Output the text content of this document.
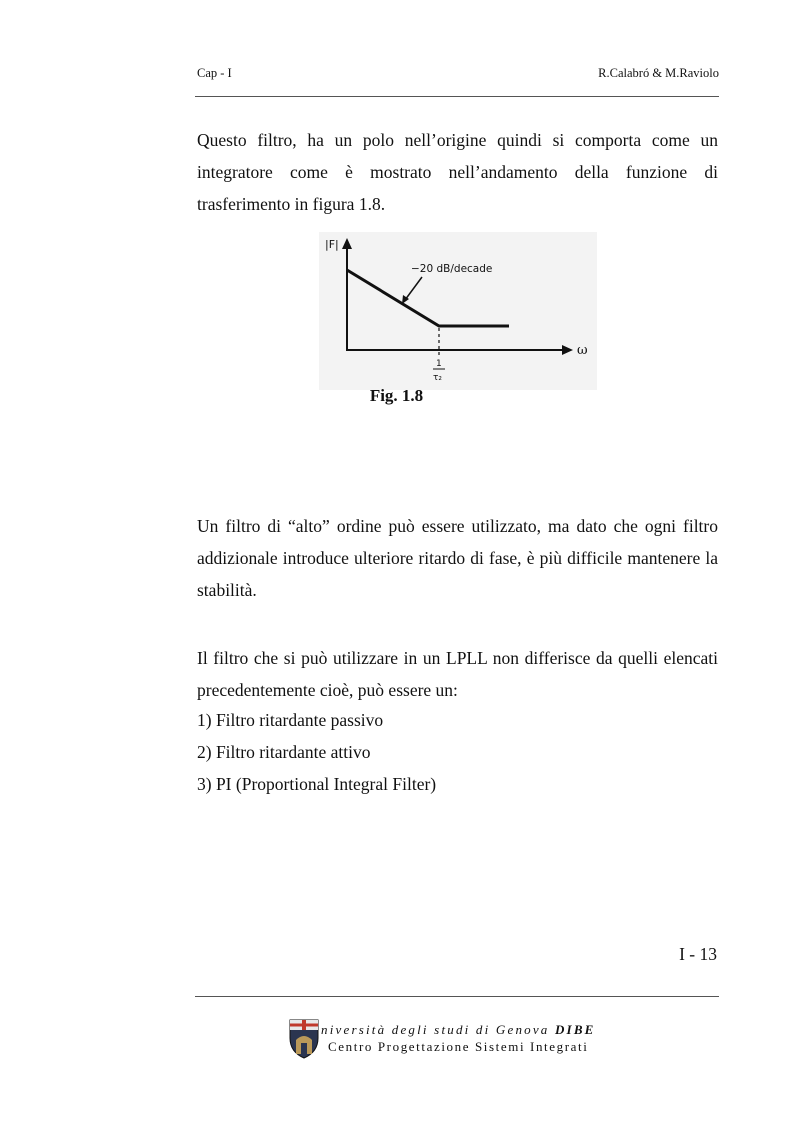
Cap - I	R.Calabró & M.Raviolo

Questo filtro, ha un polo nell’origine quindi si comporta come un integratore come è mostrato nell’andamento della funzione di trasferimento in figura 1.8.

|F|
ω
−20 dB/decade
1
τ₂
Fig. 1.8

Un filtro di “alto” ordine può essere utilizzato, ma dato che ogni filtro addizionale introduce ulteriore ritardo di fase, è più difficile mantenere la stabilità.

Il filtro che si può utilizzare in un LPLL non differisce da quelli elencati precedentemente cioè, può essere un:

1) Filtro ritardante passivo
2) Filtro ritardante attivo
3) PI (Proportional Integral Filter)
I - 13
niversità degli studi di Genova DIBE
Centro Progettazione Sistemi Integrati
